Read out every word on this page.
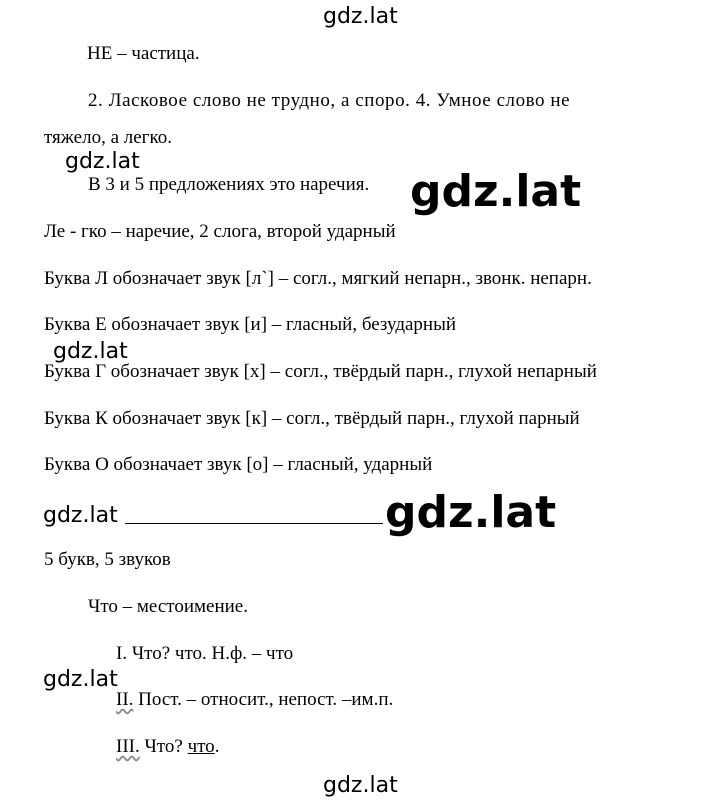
gdz.lat
gdz.lat
gdz.lat
gdz.lat
gdz.lat	gdz.lat
gdz.lat
gdz.lat

НЕ – частица.

2. Ласковое слово не трудно, а споро. 4. Умное слово не

тяжело, а легко.

В 3 и 5 предложениях это наречия.

Ле - гко – наречие, 2 слога, второй ударный

Буква Л обозначает звук [л`] – согл., мягкий непарн., звонк. непарн.

Буква Е обозначает звук [и] – гласный, безударный

Буква Г обозначает звук [х] – согл., твёрдый парн., глухой непарный

Буква К обозначает звук [к] – согл., твёрдый парн., глухой парный

Буква О обозначает звук [о] – гласный, ударный

5 букв, 5 звуков

Что – местоимение.

I. Что? что. Н.ф. – что

II. Пост. – относит., непост. –им.п.

III. Что? что.
